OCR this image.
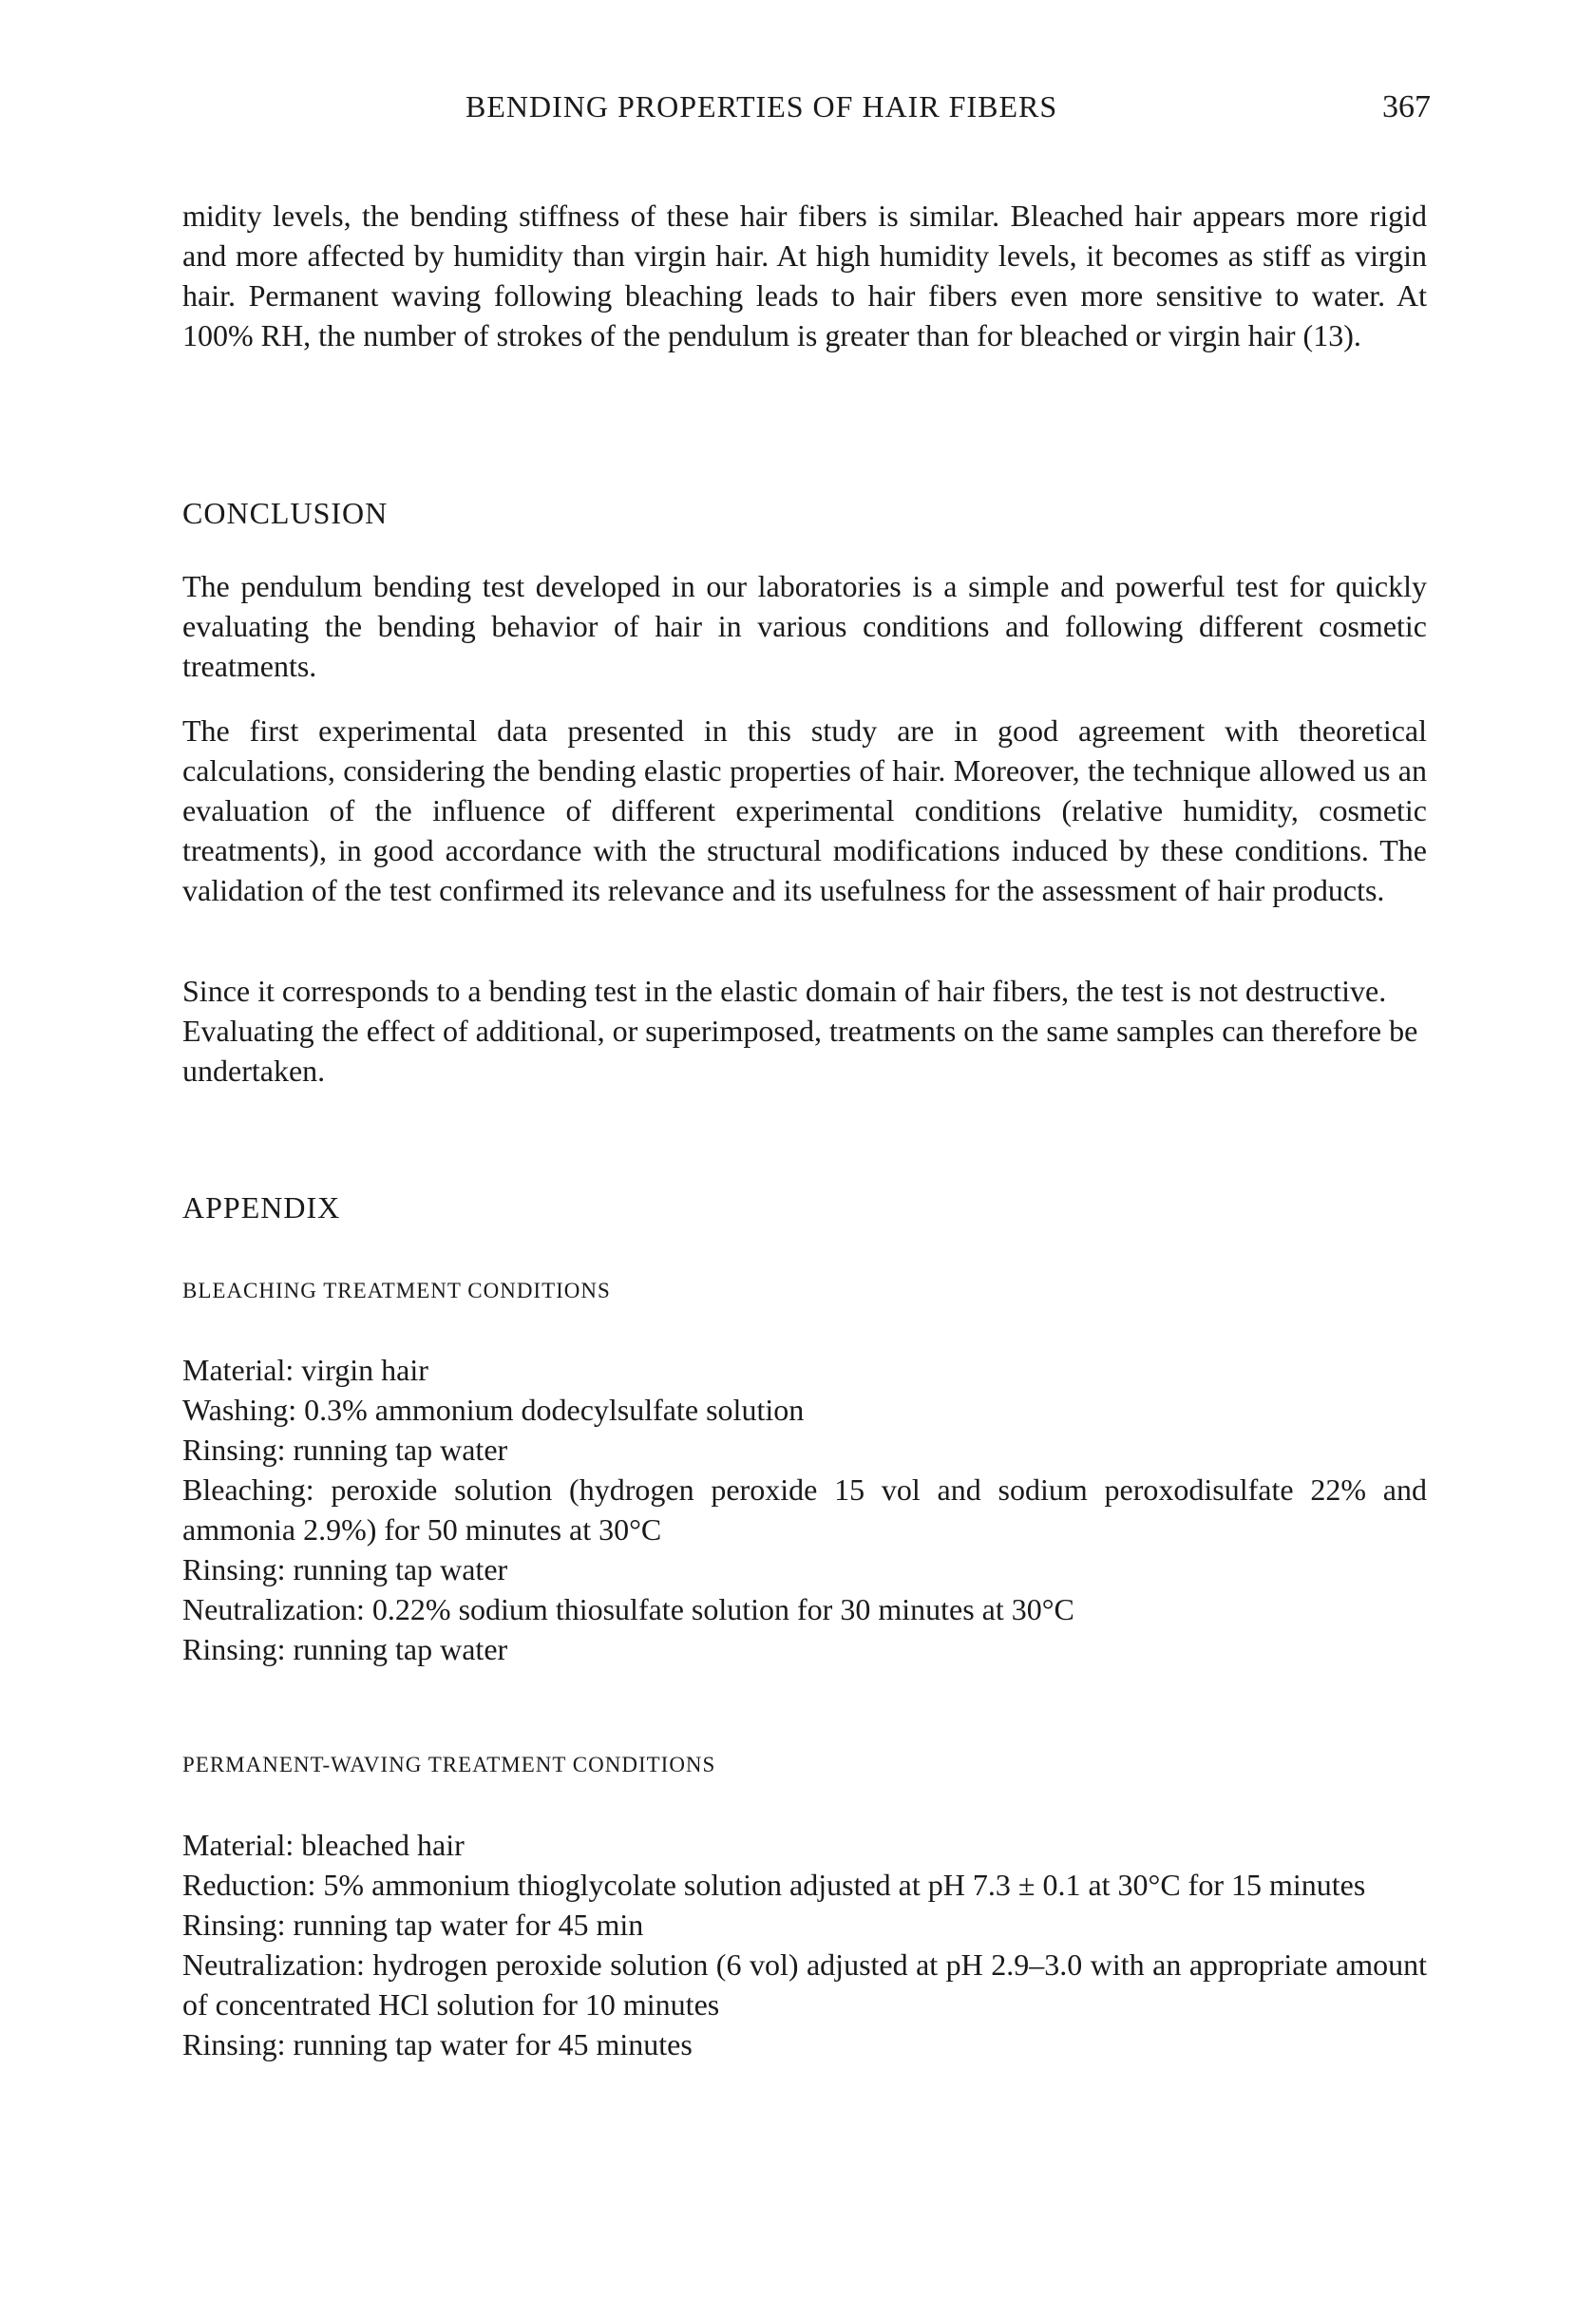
BENDING PROPERTIES OF HAIR FIBERS	367

midity levels, the bending stiffness of these hair fibers is similar. Bleached hair appears more rigid and more affected by humidity than virgin hair. At high humidity levels, it becomes as stiff as virgin hair. Permanent waving following bleaching leads to hair fibers even more sensitive to water. At 100% RH, the number of strokes of the pendulum is greater than for bleached or virgin hair (13).

CONCLUSION

The pendulum bending test developed in our laboratories is a simple and powerful test for quickly evaluating the bending behavior of hair in various conditions and following different cosmetic treatments.

The first experimental data presented in this study are in good agreement with theoretical calculations, considering the bending elastic properties of hair. Moreover, the technique allowed us an evaluation of the influence of different experimental conditions (relative humidity, cosmetic treatments), in good accordance with the structural modifications induced by these conditions. The validation of the test confirmed its relevance and its usefulness for the assessment of hair products.

Since it corresponds to a bending test in the elastic domain of hair fibers, the test is not destructive. Evaluating the effect of additional, or superimposed, treatments on the same samples can therefore be undertaken.

APPENDIX
BLEACHING TREATMENT CONDITIONS
Material: virgin hair
Washing: 0.3% ammonium dodecylsulfate solution
Rinsing: running tap water
Bleaching: peroxide solution (hydrogen peroxide 15 vol and sodium peroxodisulfate 22% and ammonia 2.9%) for 50 minutes at 30°C
Rinsing: running tap water
Neutralization: 0.22% sodium thiosulfate solution for 30 minutes at 30°C
Rinsing: running tap water
PERMANENT-WAVING TREATMENT CONDITIONS
Material: bleached hair
Reduction: 5% ammonium thioglycolate solution adjusted at pH 7.3 ± 0.1 at 30°C for 15 minutes
Rinsing: running tap water for 45 min
Neutralization: hydrogen peroxide solution (6 vol) adjusted at pH 2.9–3.0 with an appropriate amount of concentrated HCl solution for 10 minutes
Rinsing: running tap water for 45 minutes
